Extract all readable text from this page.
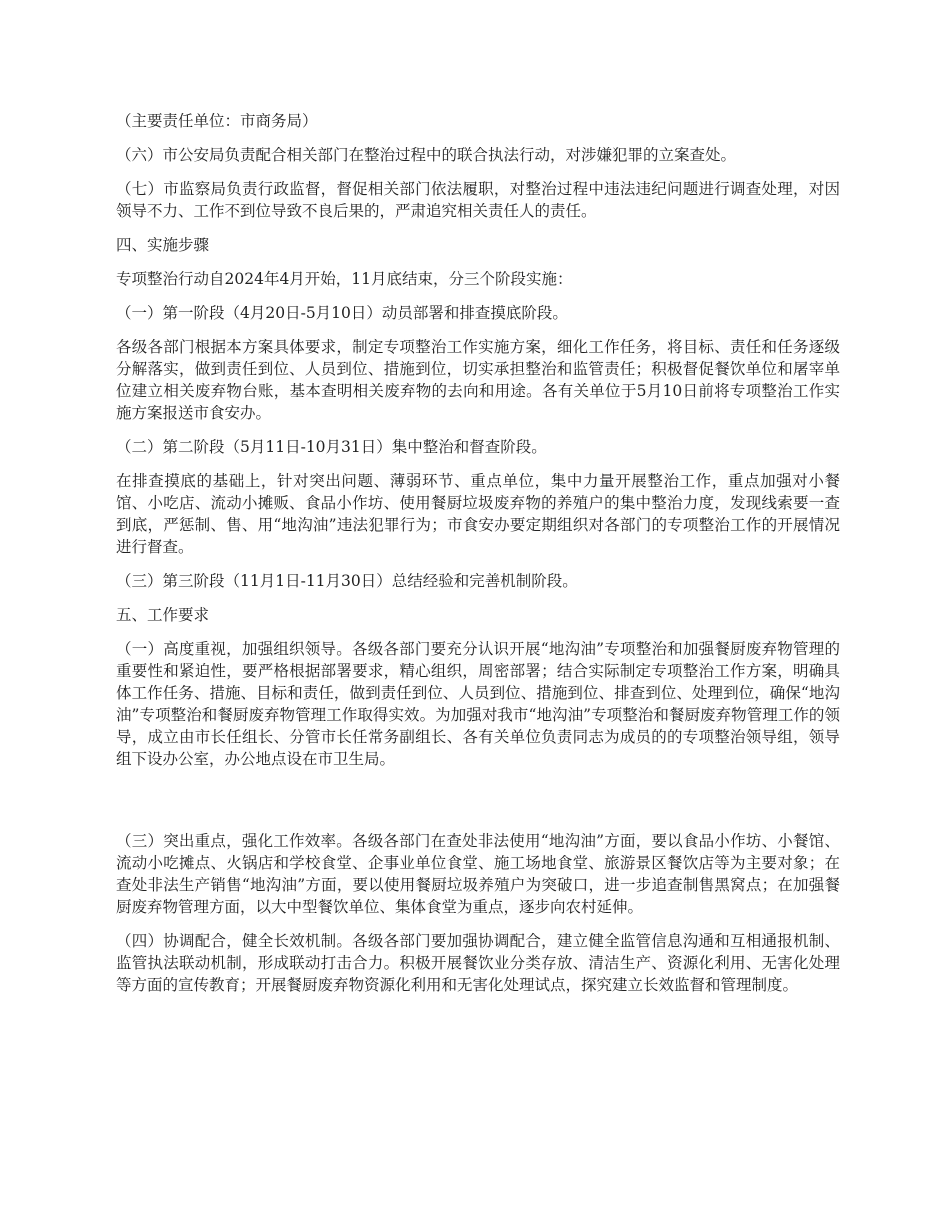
（主要责任单位：市商务局）

（六）市公安局负责配合相关部门在整治过程中的联合执法行动，对涉嫌犯罪的立案查处。

（七）市监察局负责行政监督，督促相关部门依法履职，对整治过程中违法违纪问题进行调查处理，对因领导不力、工作不到位导致不良后果的，严肃追究相关责任人的责任。

四、实施步骤

专项整治行动自2024年4月开始，11月底结束，分三个阶段实施：

（一）第一阶段（4月20日-5月10日）动员部署和排查摸底阶段。

各级各部门根据本方案具体要求，制定专项整治工作实施方案，细化工作任务，将目标、责任和任务逐级分解落实，做到责任到位、人员到位、措施到位，切实承担整治和监管责任；积极督促餐饮单位和屠宰单位建立相关废弃物台账，基本查明相关废弃物的去向和用途。各有关单位于5月10日前将专项整治工作实施方案报送市食安办。

（二）第二阶段（5月11日-10月31日）集中整治和督查阶段。

在排查摸底的基础上，针对突出问题、薄弱环节、重点单位，集中力量开展整治工作，重点加强对小餐馆、小吃店、流动小摊贩、食品小作坊、使用餐厨垃圾废弃物的养殖户的集中整治力度，发现线索要一查到底，严惩制、售、用“地沟油”违法犯罪行为；市食安办要定期组织对各部门的专项整治工作的开展情况进行督查。

（三）第三阶段（11月1日-11月30日）总结经验和完善机制阶段。

五、工作要求

（一）高度重视，加强组织领导。各级各部门要充分认识开展“地沟油”专项整治和加强餐厨废弃物管理的重要性和紧迫性，要严格根据部署要求，精心组织，周密部署；结合实际制定专项整治工作方案，明确具体工作任务、措施、目标和责任，做到责任到位、人员到位、措施到位、排查到位、处理到位，确保“地沟油”专项整治和餐厨废弃物管理工作取得实效。为加强对我市“地沟油”专项整治和餐厨废弃物管理工作的领导，成立由市长任组长、分管市长任常务副组长、各有关单位负责同志为成员的的专项整治领导组，领导组下设办公室，办公地点设在市卫生局。

（三）突出重点，强化工作效率。各级各部门在查处非法使用“地沟油”方面，要以食品小作坊、小餐馆、流动小吃摊点、火锅店和学校食堂、企事业单位食堂、施工场地食堂、旅游景区餐饮店等为主要对象；在查处非法生产销售“地沟油”方面，要以使用餐厨垃圾养殖户为突破口，进一步追查制售黑窝点；在加强餐厨废弃物管理方面，以大中型餐饮单位、集体食堂为重点，逐步向农村延伸。

（四）协调配合，健全长效机制。各级各部门要加强协调配合，建立健全监管信息沟通和互相通报机制、监管执法联动机制，形成联动打击合力。积极开展餐饮业分类存放、清洁生产、资源化利用、无害化处理等方面的宣传教育；开展餐厨废弃物资源化利用和无害化处理试点，探究建立长效监督和管理制度。
